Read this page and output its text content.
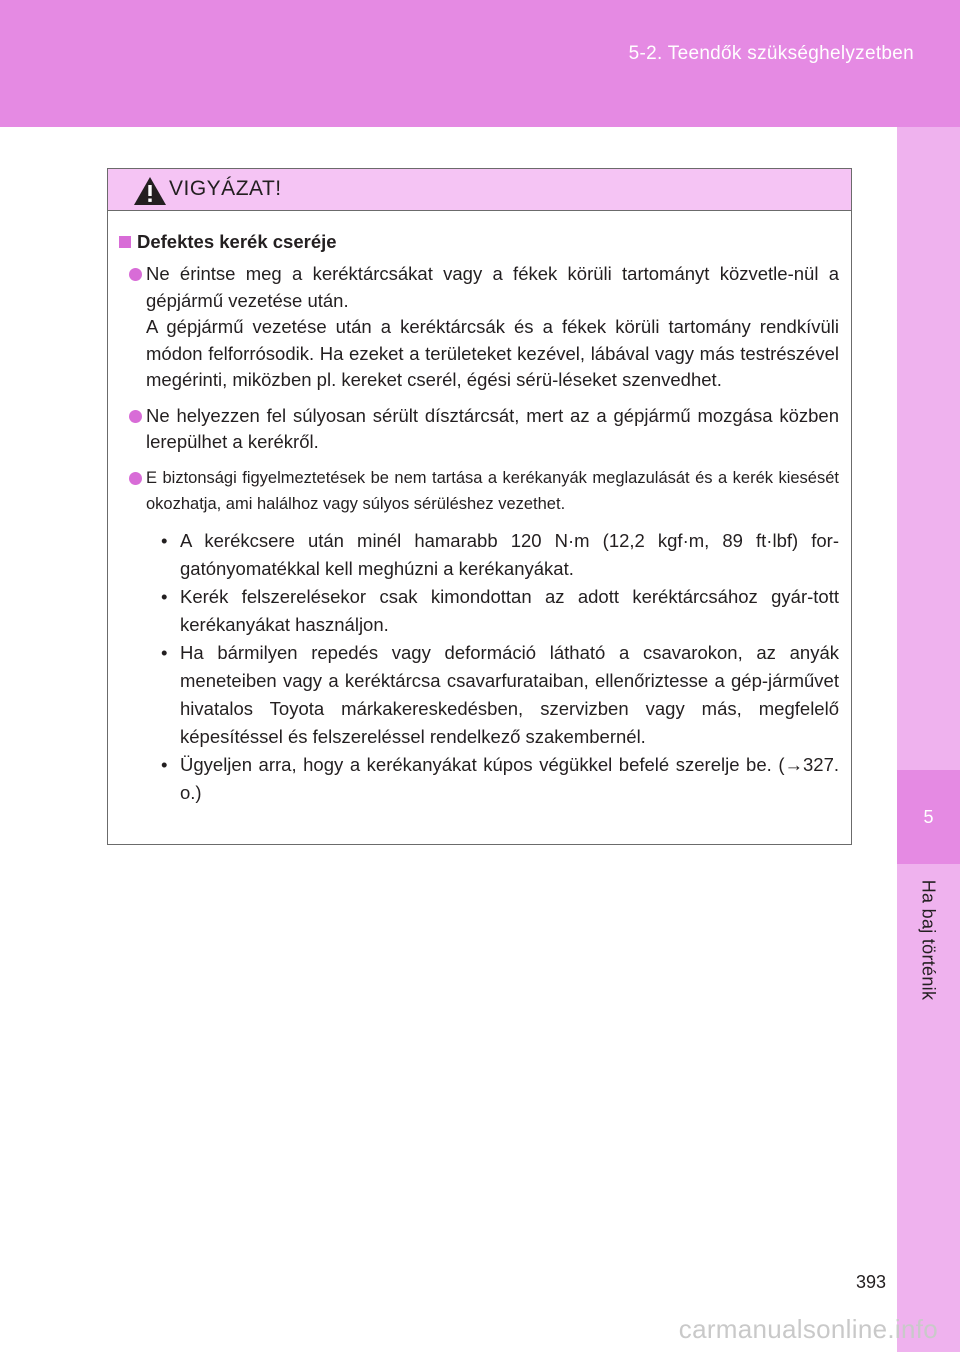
5-2. Teendők szükséghelyzetben
5
Ha baj történik
VIGYÁZAT!
Defektes kerék cseréje

Ne érintse meg a keréktárcsákat vagy a fékek körüli tartományt közvetle-nül a gépjármű vezetése után.

A gépjármű vezetése után a keréktárcsák és a fékek körüli tartomány rendkívüli módon felforrósodik. Ha ezeket a területeket kezével, lábával vagy más testrészével megérinti, miközben pl. kereket cserél, égési sérü-léseket szenvedhet.

Ne helyezzen fel súlyosan sérült dísztárcsát, mert az a gépjármű mozgása közben lerepülhet a kerékről.

E biztonsági figyelmeztetések be nem tartása a kerékanyák meglazulását és a kerék kiesését okozhatja, ami halálhoz vagy súlyos sérüléshez vezethet.

• A kerékcsere után minél hamarabb 120 N·m (12,2 kgf·m, 89 ft·lbf) for-gatónyomatékkal kell meghúzni a kerékanyákat.
• Kerék felszerelésekor csak kimondottan az adott keréktárcsához gyár-tott kerékanyákat használjon.
• Ha bármilyen repedés vagy deformáció látható a csavarokon, az anyák meneteiben vagy a keréktárcsa csavarfurataiban, ellenőriztesse a gép-járművet hivatalos Toyota márkakereskedésben, szervizben vagy más, megfelelő képesítéssel és felszereléssel rendelkező szakembernél.
• Ügyeljen arra, hogy a kerékanyákat kúpos végükkel befelé szerelje be. (→327. o.)
393
carmanualsonline.info
